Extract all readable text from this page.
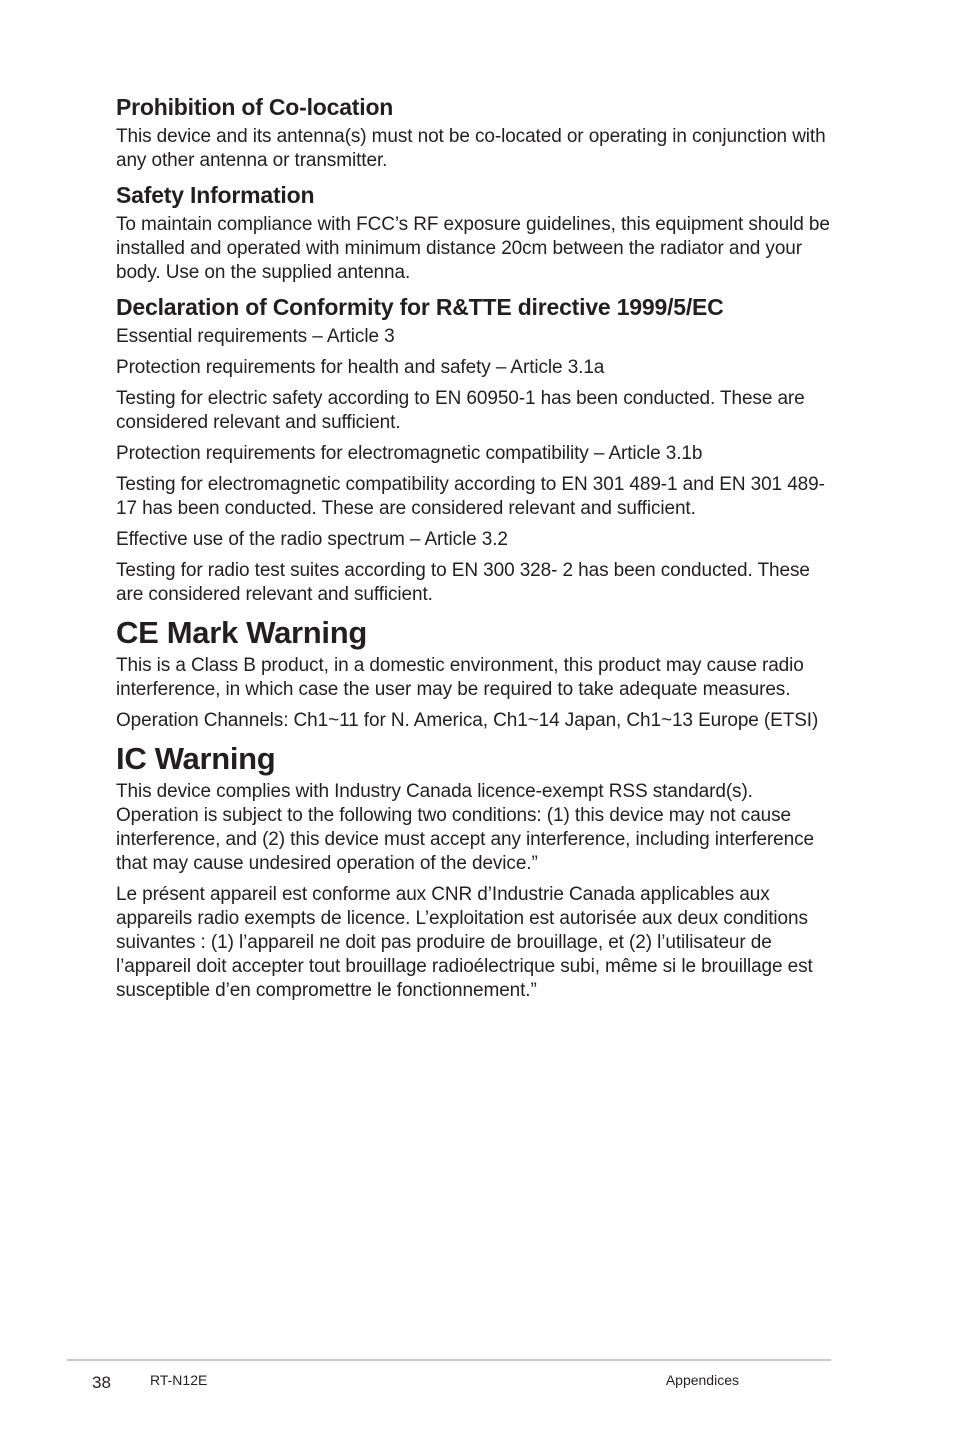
Prohibition of Co-location

This device and its antenna(s) must not be co-located or operating in conjunction with any other antenna or transmitter.

Safety Information

To maintain compliance with FCC’s RF exposure guidelines, this equipment should be installed and operated with minimum distance 20cm between the radiator and your body. Use on the supplied antenna.

Declaration of Conformity for R&TTE directive 1999/5/EC

Essential requirements – Article 3

Protection requirements for health and safety – Article 3.1a

Testing for electric safety according to EN 60950-1 has been conducted. These are considered relevant and sufficient.

Protection requirements for electromagnetic compatibility – Article 3.1b

Testing for electromagnetic compatibility according to EN 301 489-1 and EN 301 489-17 has been conducted. These are considered relevant and sufficient.

Effective use of the radio spectrum – Article 3.2

Testing for radio test suites according to EN 300 328- 2 has been conducted. These are considered relevant and sufficient.

CE Mark Warning

This is a Class B product, in a domestic environment, this product may cause radio interference, in which case the user may be required to take adequate measures.

Operation Channels: Ch1~11 for N. America, Ch1~14 Japan, Ch1~13 Europe (ETSI)

IC Warning

This device complies with Industry Canada licence-exempt RSS standard(s). Operation is subject to the following two conditions: (1) this device may not cause interference, and (2) this device must accept any interference, including interference that may cause undesired operation of the device.”

Le présent appareil est conforme aux CNR d’Industrie Canada applicables aux appareils radio exempts de licence. L’exploitation est autorisée aux deux conditions suivantes : (1) l’appareil ne doit pas produire de brouillage, et (2) l’utilisateur de l’appareil doit accepter tout brouillage radioélectrique subi, même si le brouillage est susceptible d’en compromettre le fonctionnement.”

38	RT-N12E	Appendices
